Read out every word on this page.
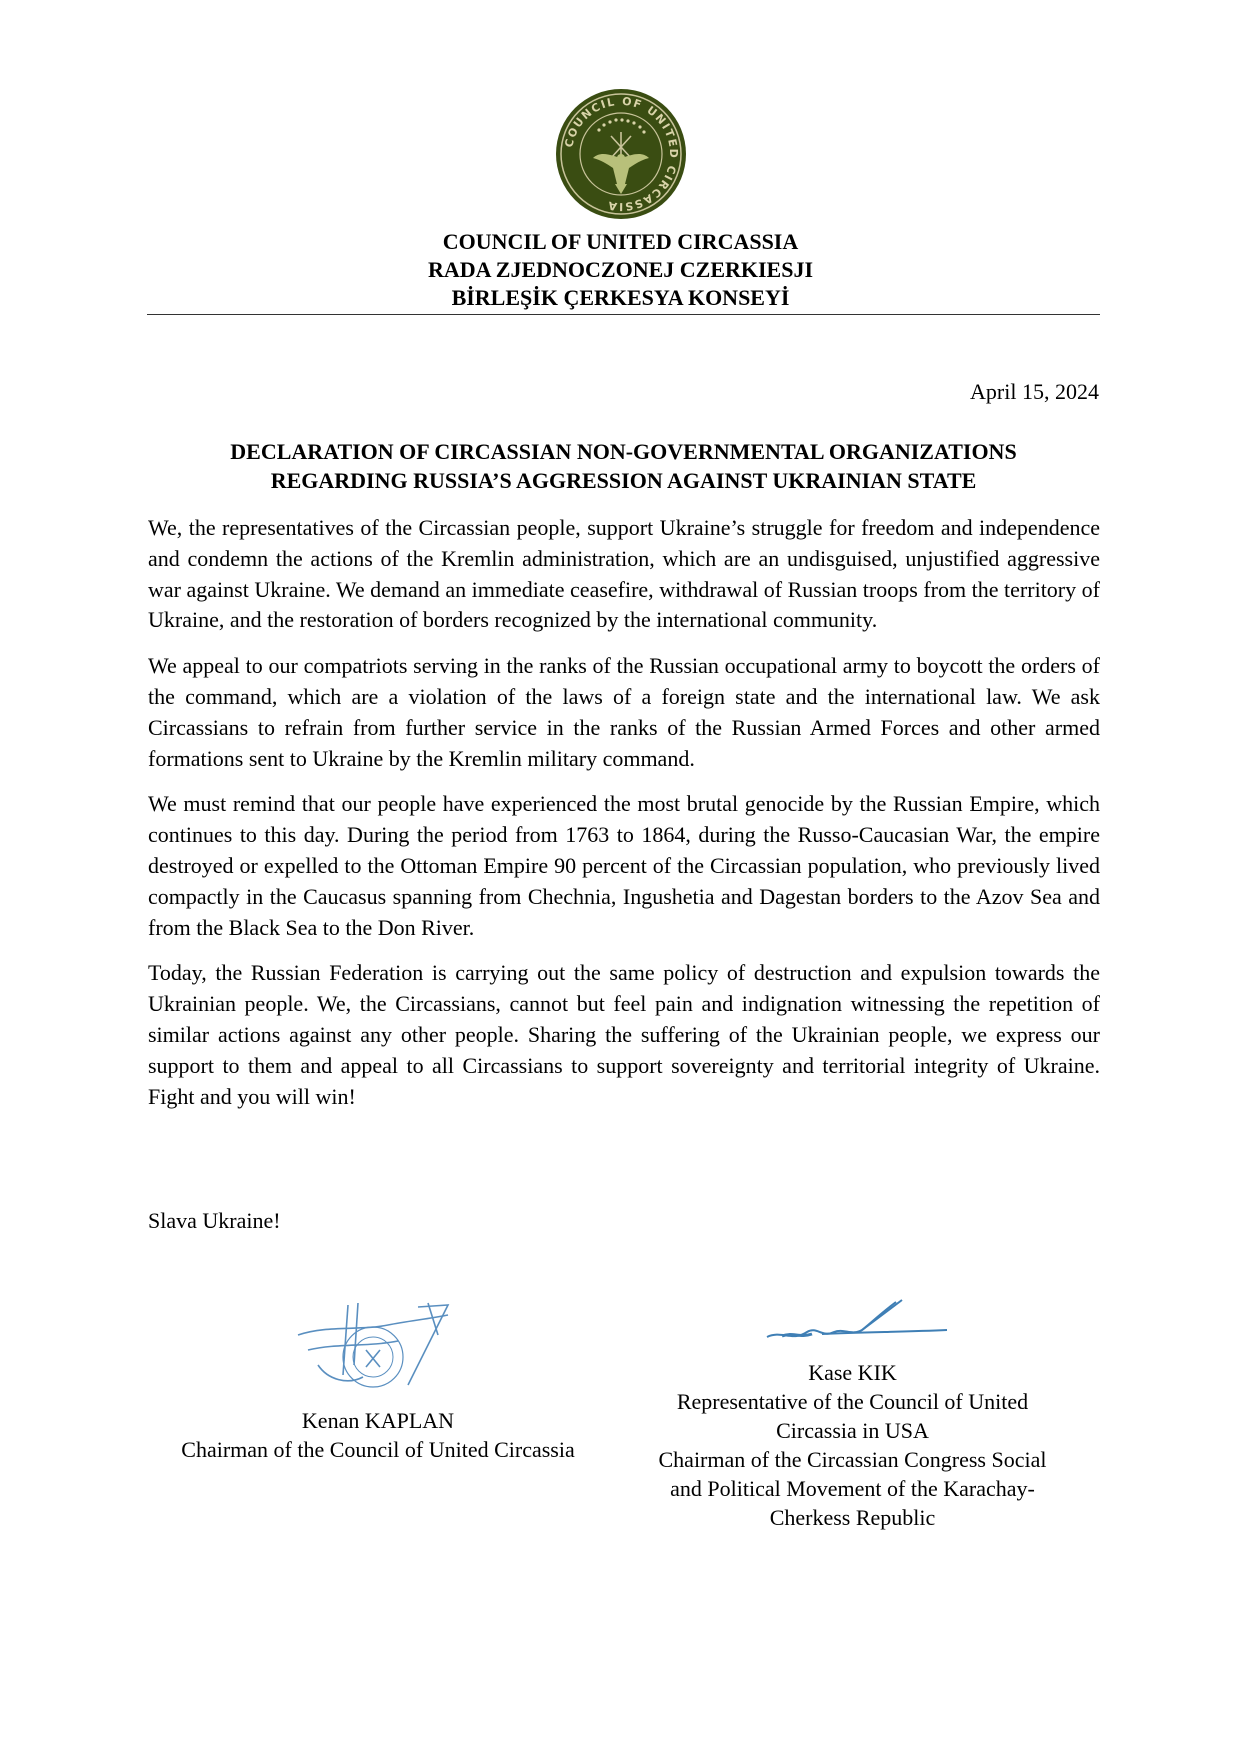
COUNCIL OF UNITED CIRCASSIA
COUNCIL OF UNITED CIRCASSIA
RADA ZJEDNOCZONEJ CZERKIESJI
BİRLEŞİK ÇERKESYA KONSEYİ
April 15, 2024
DECLARATION OF CIRCASSIAN NON-GOVERNMENTAL ORGANIZATIONS
REGARDING RUSSIA’S AGGRESSION AGAINST UKRAINIAN STATE

We, the representatives of the Circassian people, support Ukraine’s struggle for freedom and independence and condemn the actions of the Kremlin administration, which are an undisguised, unjustified aggressive war against Ukraine. We demand an immediate ceasefire, withdrawal of Russian troops from the territory of Ukraine, and the restoration of borders recognized by the international community.

We appeal to our compatriots serving in the ranks of the Russian occupational army to boycott the orders of the command, which are a violation of the laws of a foreign state and the international law. We ask Circassians to refrain from further service in the ranks of the Russian Armed Forces and other armed formations sent to Ukraine by the Kremlin military command.

We must remind that our people have experienced the most brutal genocide by the Russian Empire, which continues to this day. During the period from 1763 to 1864, during the Russo-Caucasian War, the empire destroyed or expelled to the Ottoman Empire 90 percent of the Circassian population, who previously lived compactly in the Caucasus spanning from Chechnia, Ingushetia and Dagestan borders to the Azov Sea and from the Black Sea to the Don River.

Today, the Russian Federation is carrying out the same policy of destruction and expulsion towards the Ukrainian people. We, the Circassians, cannot but feel pain and indignation witnessing the repetition of similar actions against any other people. Sharing the suffering of the Ukrainian people, we express our support to them and appeal to all Circassians to support sovereignty and territorial integrity of Ukraine. Fight and you will win!

Slava Ukraine!
Kenan KAPLAN
Chairman of the Council of United Circassia
Kase KIK
Representative of the Council of United
Circassia in USA
Chairman of the Circassian Congress Social
and Political Movement of the Karachay-
Cherkess Republic
